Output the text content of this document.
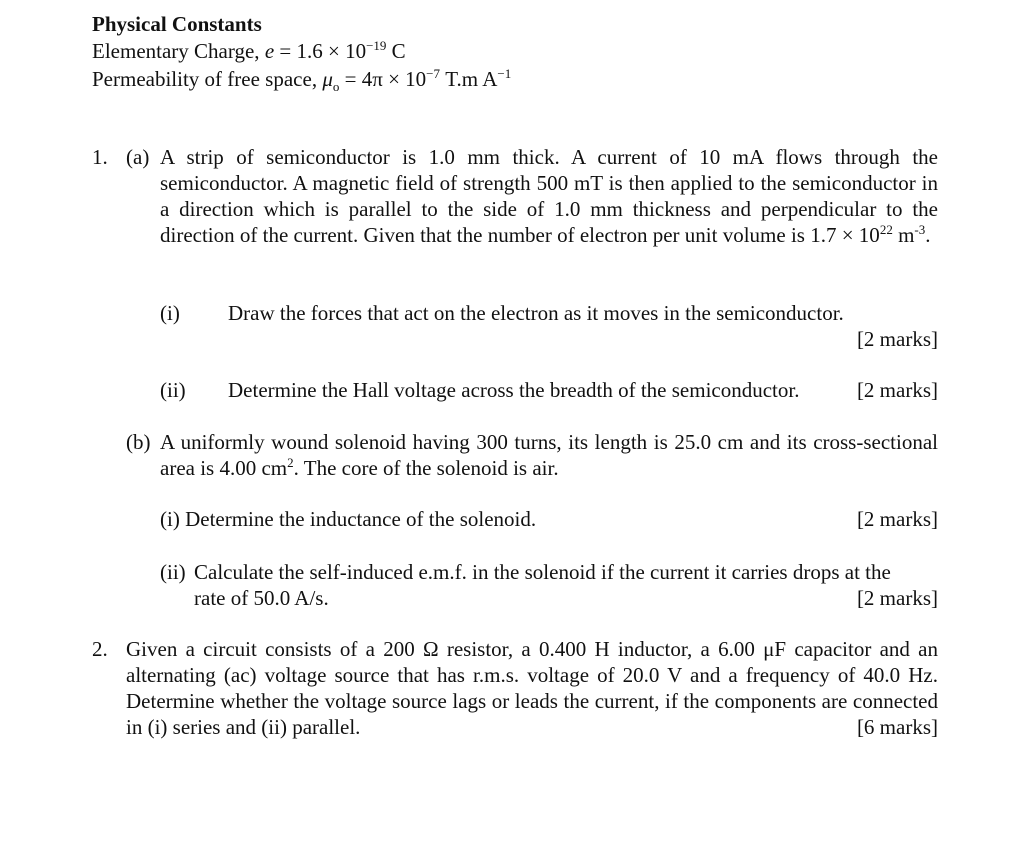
Physical Constants
Elementary Charge, $e = 1.6 \times 10^{-19}$ C
Permeability of free space, $\mu_o = 4\pi \times 10^{-7}$ T.m $A^{-1}$
1. (a) A strip of semiconductor is 1.0 mm thick. A current of 10 mA flows through the semiconductor. A magnetic field of strength 500 mT is then applied to the semiconductor in a direction which is parallel to the side of 1.0 mm thickness and perpendicular to the direction of the current. Given that the number of electron per unit volume is $1.7 \times 10^{22}$ $m^{-3}$.
(i) Draw the forces that act on the electron as it moves in the semiconductor.
[2 marks]
(ii) Determine the Hall voltage across the breadth of the semiconductor.	[2 marks]
(b) A uniformly wound solenoid having 300 turns, its length is 25.0 cm and its cross-sectional area is 4.00 $cm^2$. The core of the solenoid is air.
(i) Determine the inductance of the solenoid.	[2 marks]
(ii) Calculate the self-induced e.m.f. in the solenoid if the current it carries drops at the
rate of 50.0 A/s.	[2 marks]
2. Given a circuit consists of a 200 Ω resistor, a 0.400 H inductor, a 6.00 μF capacitor and an alternating (ac) voltage source that has r.m.s. voltage of 20.0 V and a frequency of 40.0 Hz. Determine whether the voltage source lags or leads the current, if the components are connected in (i) series and (ii) parallel.	[6 marks]
